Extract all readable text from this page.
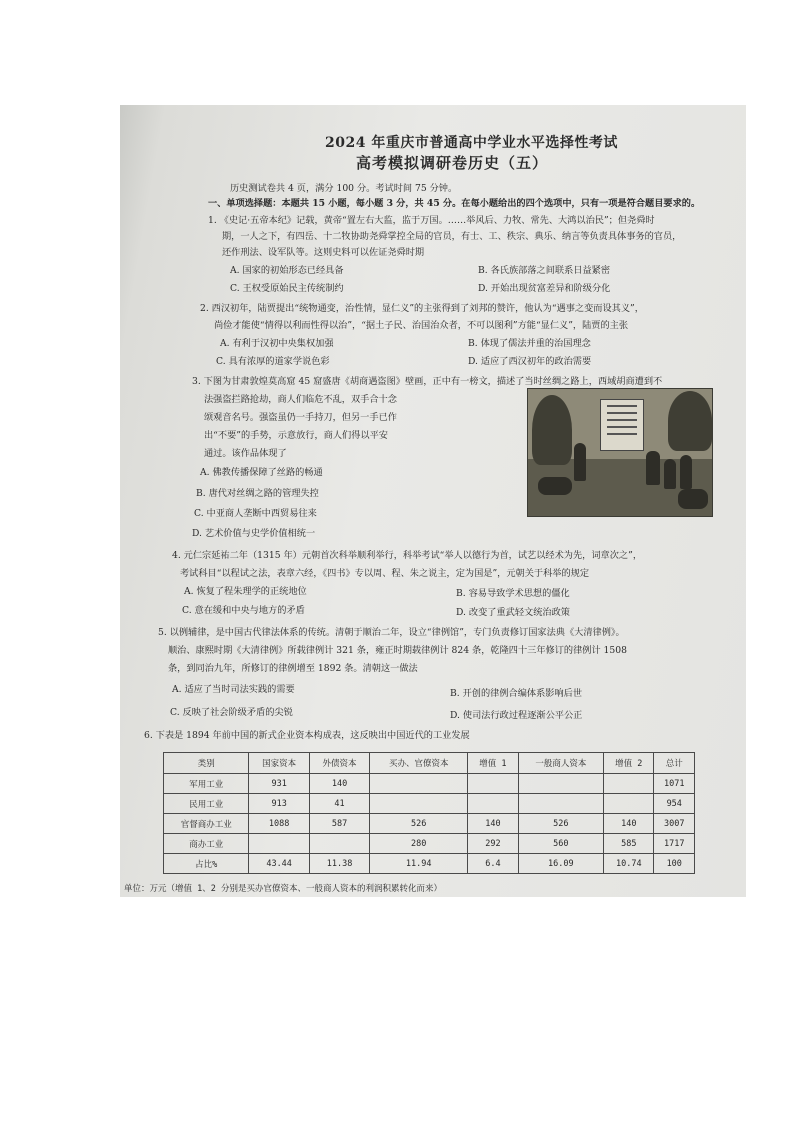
2024 年重庆市普通高中学业水平选择性考试
高考模拟调研卷历史（五）
历史测试卷共 4 页，满分 100 分。考试时间 75 分钟。
一、单项选择题：本题共 15 小题，每小题 3 分，共 45 分。在每小题给出的四个选项中，只有一项是符合题目要求的。
1. 《史记·五帝本纪》记载，黄帝“置左右大监，监于万国。……举风后、力牧、常先、大鸿以治民”；但尧舜时
期，一人之下，有四岳、十二牧协助尧舜掌控全局的官员，有士、工、秩宗、典乐、纳言等负责具体事务的官员，
还作刑法、设军队等。这则史料可以佐证尧舜时期
A. 国家的初始形态已经具备	B. 各氏族部落之间联系日益紧密
C. 王权受原始民主传统制约	D. 开始出现贫富差异和阶级分化
2. 西汉初年，陆贾提出“统物通变，治性情，显仁义”的主张得到了刘邦的赞许，他认为“遇事之变而设其义”，
尚俭才能使“情得以利而性得以治”，“据土子民、治国治众者，不可以图利”方能“显仁义”，陆贾的主张
A. 有利于汉初中央集权加强	B. 体现了儒法并重的治国理念
C. 具有浓厚的道家学说色彩	D. 适应了西汉初年的政治需要
3. 下图为甘肃敦煌莫高窟 45 窟盛唐《胡商遇盗图》壁画，正中有一榜文，描述了当时丝绸之路上，西域胡商遭到不
法强盗拦路抢劫，商人们临危不乱，双手合十念
颂观音名号。强盗虽仍一手持刀，但另一手已作
出“不要”的手势，示意放行，商人们得以平安
通过。该作品体现了
A. 佛教传播保障了丝路的畅通
B. 唐代对丝绸之路的管理失控
C. 中亚商人垄断中西贸易往来
D. 艺术价值与史学价值相统一
4. 元仁宗延祐二年（1315 年）元朝首次科举顺利举行，科举考试“举人以德行为首，试艺以经术为先，词章次之”，
考试科目“以程试之法，表章六经，《四书》专以周、程、朱之说主，定为国是”，元朝关于科举的规定
A. 恢复了程朱理学的正统地位	B. 容易导致学术思想的僵化
C. 意在缓和中央与地方的矛盾	D. 改变了重武轻文统治政策
5. 以例辅律，是中国古代律法体系的传统。清朝于顺治二年，设立“律例馆”，专门负责修订国家法典《大清律例》。
顺治、康熙时期《大清律例》所载律例计 321 条，雍正时期载律例计 824 条，乾隆四十三年修订的律例计 1508
条，到同治九年，所修订的律例增至 1892 条。清朝这一做法
A. 适应了当时司法实践的需要	B. 开创的律例合编体系影响后世
C. 反映了社会阶级矛盾的尖锐	D. 使司法行政过程逐渐公平公正
6. 下表是 1894 年前中国的新式企业资本构成表，这反映出中国近代的工业发展
类别	国家资本	外债资本	买办、官僚资本	增值 1	一般商人资本	增值 2	总计
军用工业	931	140					1071
民用工业	913	41					954
官督商办工业	1088	587	526	140	526	140	3007
商办工业			280	292	560	585	1717
占比%	43.44	11.38	11.94	6.4	16.09	10.74	100
单位：万元（增值 1、2 分别是买办官僚资本、一般商人资本的利润积累转化而来）
